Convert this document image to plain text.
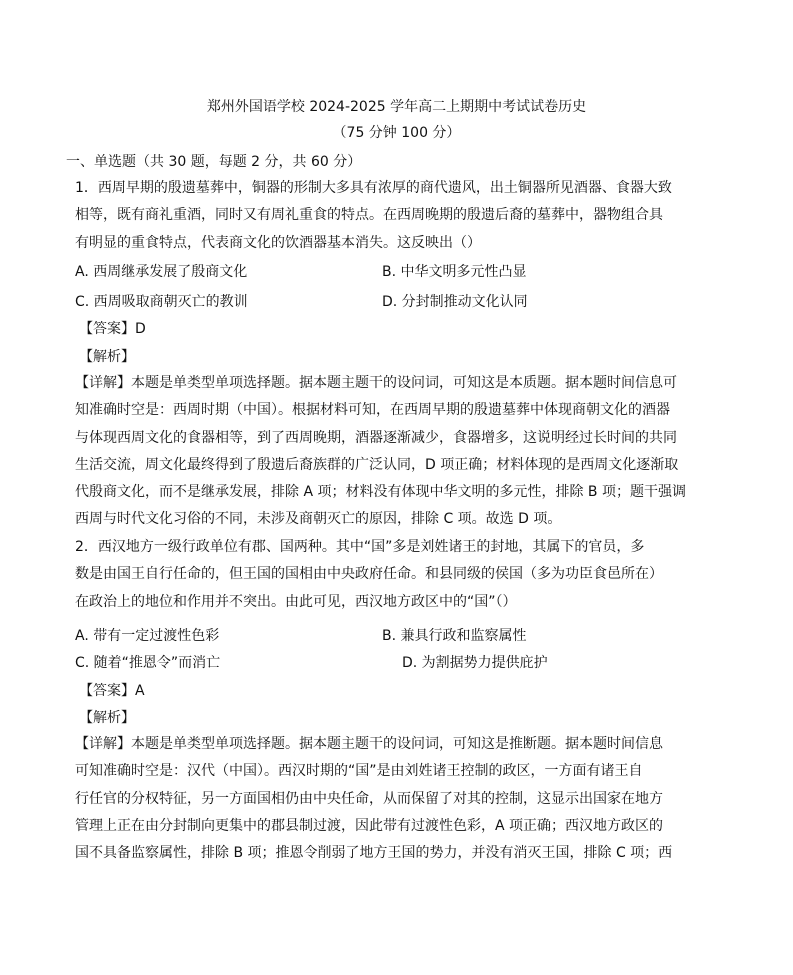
郑州外国语学校 2024-2025 学年高二上期期中考试试卷历史
（75 分钟 100 分）
一、单选题（共 30 题，每题 2 分，共 60 分）
1．西周早期的殷遗墓葬中，铜器的形制大多具有浓厚的商代遗风，出土铜器所见酒器、食器大致
相等，既有商礼重酒，同时又有周礼重食的特点。在西周晚期的殷遗后裔的墓葬中，器物组合具
有明显的重食特点，代表商文化的饮酒器基本消失。这反映出（）
A. 西周继承发展了殷商文化	B. 中华文明多元性凸显
C. 西周吸取商朝灭亡的教训	D. 分封制推动文化认同
【答案】D
【解析】
【详解】本题是单类型单项选择题。据本题主题干的设问词，可知这是本质题。据本题时间信息可
知准确时空是：西周时期（中国）。根据材料可知，在西周早期的殷遗墓葬中体现商朝文化的酒器
与体现西周文化的食器相等，到了西周晚期，酒器逐渐减少，食器增多，这说明经过长时间的共同
生活交流，周文化最终得到了殷遗后裔族群的广泛认同，D 项正确；材料体现的是西周文化逐渐取
代殷商文化，而不是继承发展，排除 A 项；材料没有体现中华文明的多元性，排除 B 项；题干强调
西周与时代文化习俗的不同，未涉及商朝灭亡的原因，排除 C 项。故选 D 项。
2．西汉地方一级行政单位有郡、国两种。其中“国”多是刘姓诸王的封地，其属下的官员，多
数是由国王自行任命的，但王国的国相由中央政府任命。和县同级的侯国（多为功臣食邑所在）
在政治上的地位和作用并不突出。由此可见，西汉地方政区中的“国”（）
A. 带有一定过渡性色彩	B. 兼具行政和监察属性
C. 随着“推恩令”而消亡	D. 为割据势力提供庇护
【答案】A
【解析】
【详解】本题是单类型单项选择题。据本题主题干的设问词，可知这是推断题。据本题时间信息
可知准确时空是：汉代（中国）。西汉时期的“国”是由刘姓诸王控制的政区，一方面有诸王自
行任官的分权特征，另一方面国相仍由中央任命，从而保留了对其的控制，这显示出国家在地方
管理上正在由分封制向更集中的郡县制过渡，因此带有过渡性色彩，A 项正确；西汉地方政区的
国不具备监察属性，排除 B 项；推恩令削弱了地方王国的势力，并没有消灭王国，排除 C 项；西
